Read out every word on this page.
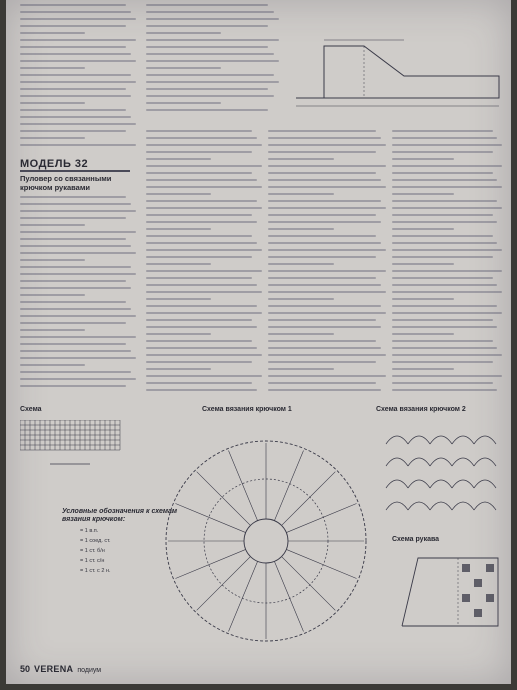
МОДЕЛЬ 32
Пуловер со связанными крючком рукавами
Схема	Схема вязания крючком 1	Схема вязания крючком 2
Схема рукава
Условные обозначения к схемам вязания крючком:
= 1 в.п.
= 1 соед. ст.
= 1 ст. б/н
= 1 ст. с/н
= 1 ст. с 2 н.
50 VERENA подиум
